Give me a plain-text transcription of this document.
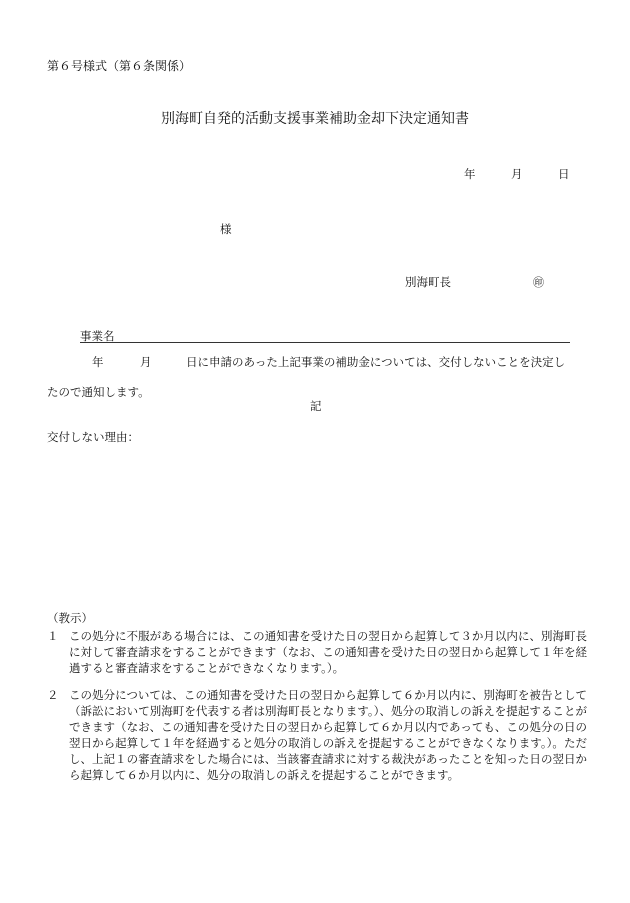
第６号様式（第６条関係）
別海町自発的活動支援事業補助金却下決定通知書
年	月	日
様
別海町長	㊞
事業名
年	月	日に申請のあった上記事業の補助金については、交付しないことを決定し
たので通知します。
記
交付しない理由：
（教示）
１ この処分に不服がある場合には、この通知書を受けた日の翌日から起算して３か月以内に、別海町長に対して審査請求をすることができます（なお、この通知書を受けた日の翌日から起算して１年を経過すると審査請求をすることができなくなります。）。
２ この処分については、この通知書を受けた日の翌日から起算して６か月以内に、別海町を被告として（訴訟において別海町を代表する者は別海町長となります。）、処分の取消しの訴えを提起することができます（なお、この通知書を受けた日の翌日から起算して６か月以内であっても、この処分の日の翌日から起算して１年を経過すると処分の取消しの訴えを提起することができなくなります。）。ただし、上記１の審査請求をした場合には、当該審査請求に対する裁決があったことを知った日の翌日から起算して６か月以内に、処分の取消しの訴えを提起することができます。
